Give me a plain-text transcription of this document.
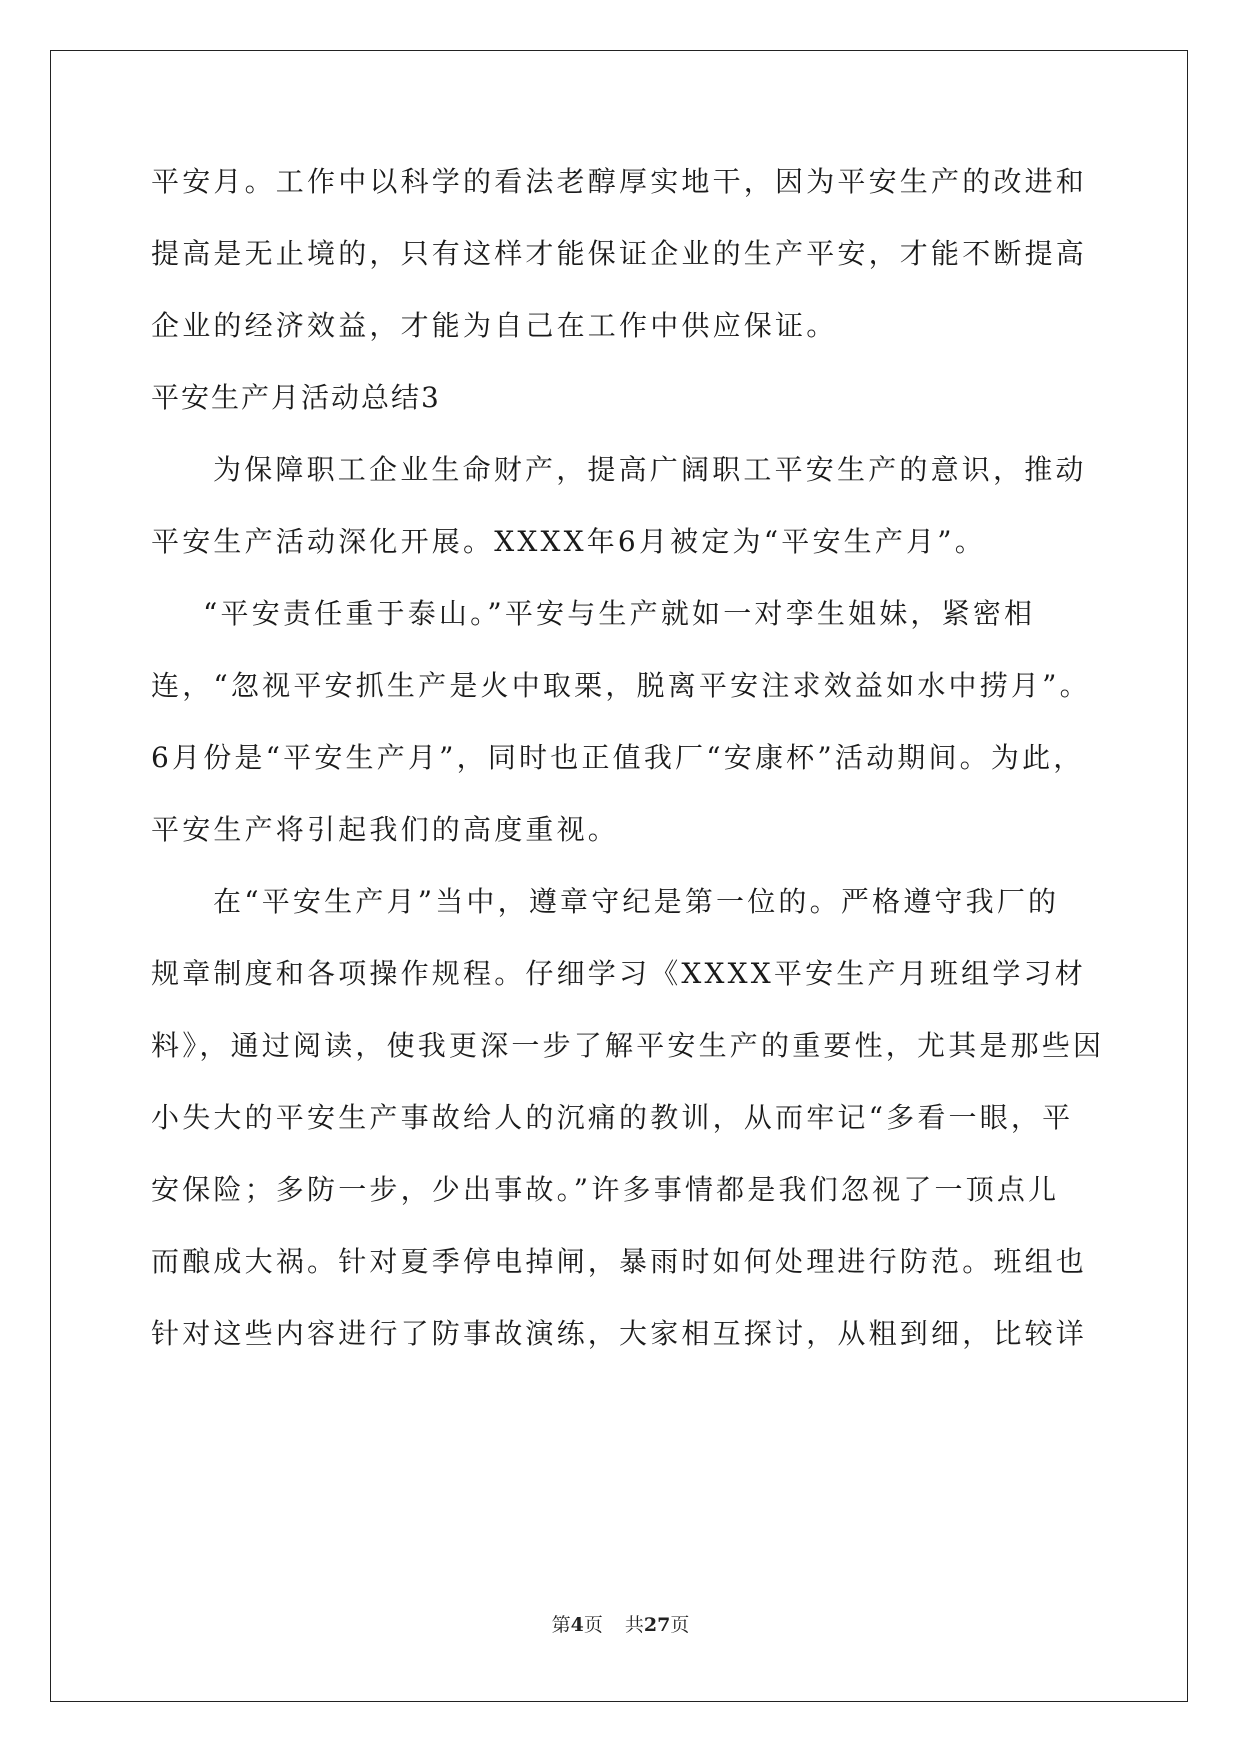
平安月。工作中以科学的看法老醇厚实地干，因为平安生产的改进和
提高是无止境的，只有这样才能保证企业的生产平安，才能不断提高
企业的经济效益，才能为自己在工作中供应保证。
平安生产月活动总结3
为保障职工企业生命财产，提高广阔职工平安生产的意识，推动
平安生产活动深化开展。XXXX年6月被定为“平安生产月”。
“平安责任重于泰山。”平安与生产就如一对孪生姐妹，紧密相
连，“忽视平安抓生产是火中取栗，脱离平安注求效益如水中捞月”。
6月份是“平安生产月”，同时也正值我厂“安康杯”活动期间。为此，
平安生产将引起我们的高度重视。
在“平安生产月”当中，遵章守纪是第一位的。严格遵守我厂的
规章制度和各项操作规程。仔细学习《XXXX平安生产月班组学习材
料》，通过阅读，使我更深一步了解平安生产的重要性，尤其是那些因
小失大的平安生产事故给人的沉痛的教训，从而牢记“多看一眼，平
安保险；多防一步，少出事故。”许多事情都是我们忽视了一顶点儿
而酿成大祸。针对夏季停电掉闸，暴雨时如何处理进行防范。班组也
针对这些内容进行了防事故演练，大家相互探讨，从粗到细，比较详
第4页 共27页
